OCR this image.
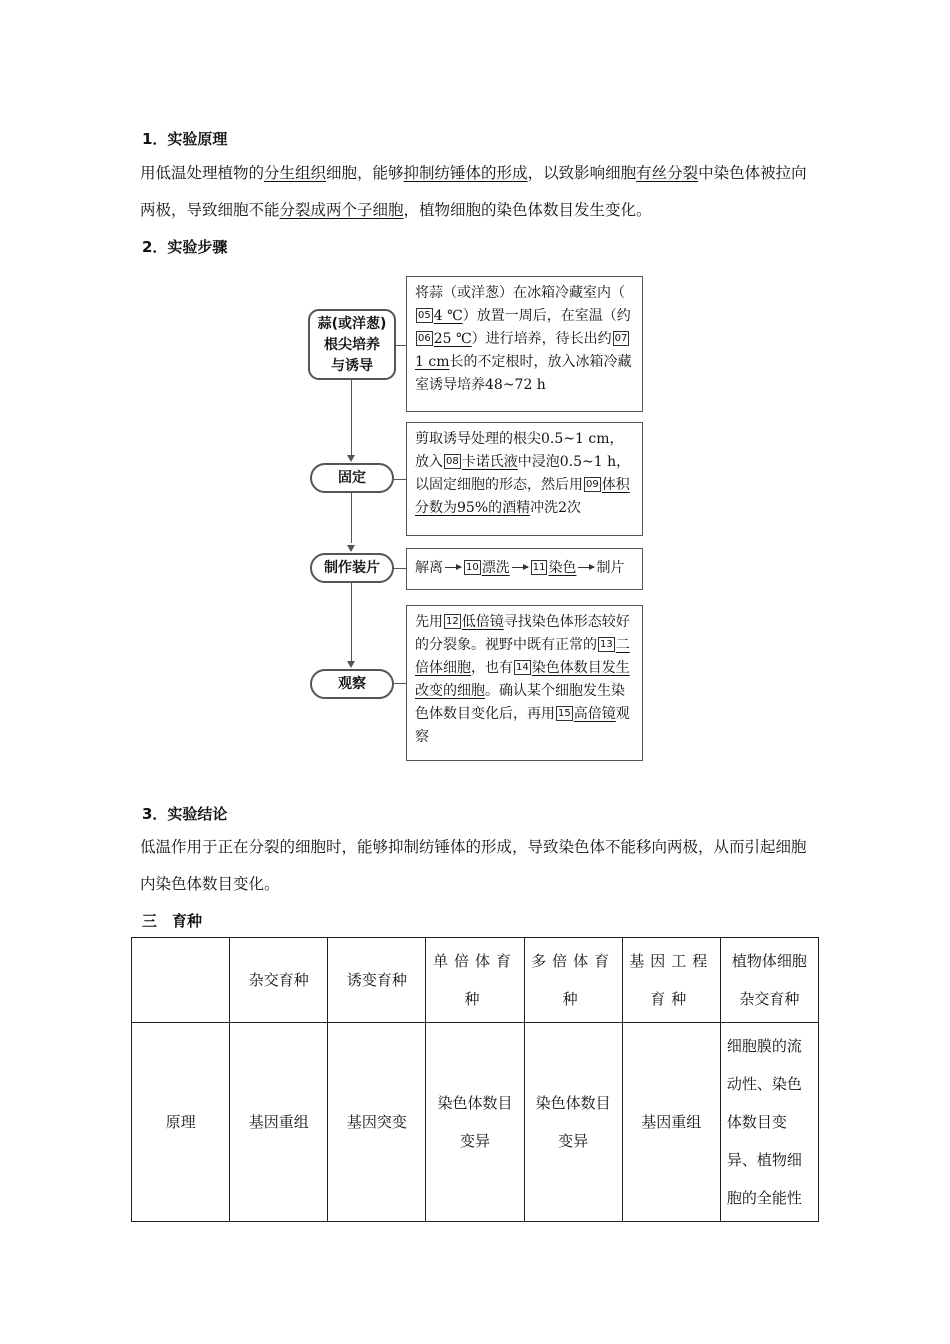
1．实验原理
用低温处理植物的分生组织细胞，能够抑制纺锤体的形成，以致影响细胞有丝分裂中染色体被拉向两极，导致细胞不能分裂成两个子细胞，植物细胞的染色体数目发生变化。
2．实验步骤
蒜(或洋葱)
根尖培养
与诱导
将蒜（或洋葱）在冰箱冷藏室内（05 4 ℃）放置一周后，在室温（约06 25 ℃）进行培养，待长出约 071 cm长的不定根时，放入冰箱冷藏室诱导培养48~72 h
固定
剪取诱导处理的根尖0.5~1 cm，放入 08 卡诺氏液中浸泡0.5~1 h，以固定细胞的形态，然后用 09 体积分数为95%的酒精冲洗2次
制作装片	解离 10 漂洗 11 染色 制片
观察
先用 12 低倍镜寻找染色体形态较好的分裂象。视野中既有正常的 13 二倍体细胞，也有 14 染色体数目发生改变的细胞。确认某个细胞发生染色体数目变化后，再用 15 高倍镜观察
3．实验结论
低温作用于正在分裂的细胞时，能够抑制纺锤体的形成，导致染色体不能移向两极，从而引起细胞内染色体数目变化。
三　育种
	杂交育种	诱变育种	单倍体育种	多倍体育种	基因工程育种	植物体细胞杂交育种
原理	基因重组	基因突变	染色体数目变异	染色体数目变异	基因重组	细胞膜的流动性、染色体数目变异、植物细胞的全能性
